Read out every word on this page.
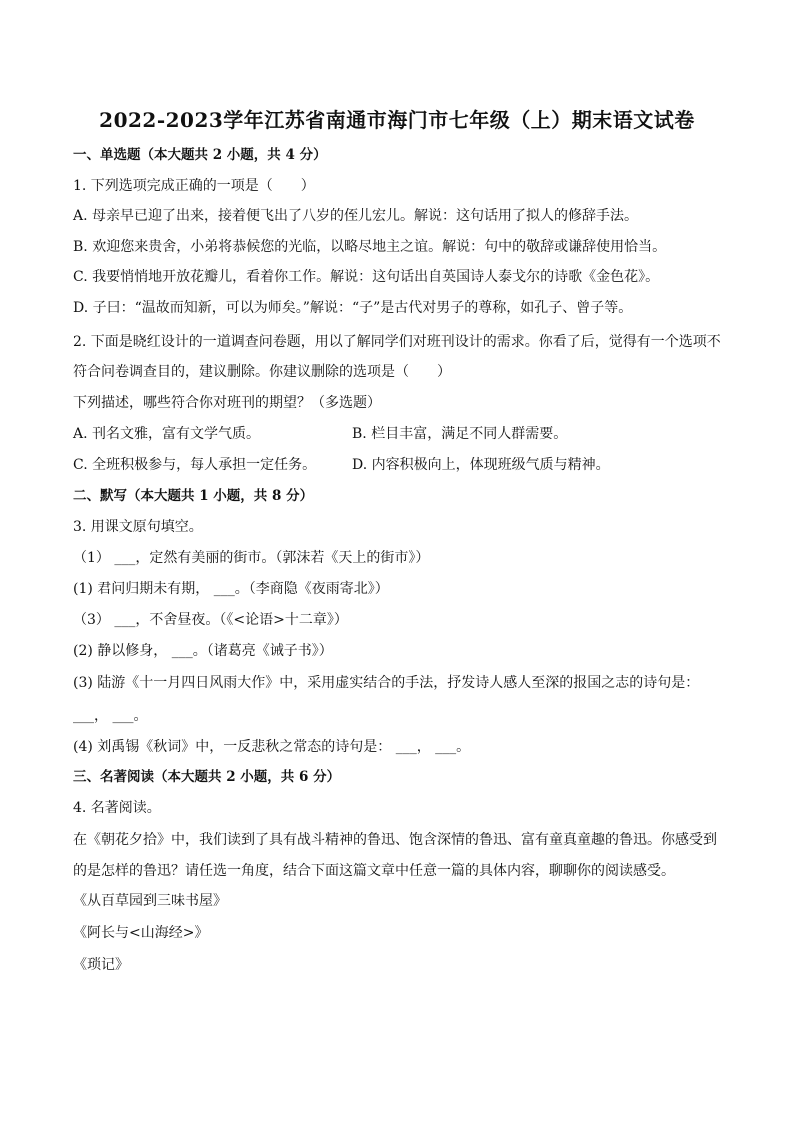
2022-2023学年江苏省南通市海门市七年级（上）期末语文试卷
一、单选题（本大题共 2 小题，共 4 分）
1. 下列选项完成正确的一项是（　　）
A. 母亲早已迎了出来，接着便飞出了八岁的侄儿宏儿。解说：这句话用了拟人的修辞手法。
B. 欢迎您来贵舍，小弟将恭候您的光临，以略尽地主之谊。解说：句中的敬辞或谦辞使用恰当。
C. 我要悄悄地开放花瓣儿，看着你工作。解说：这句话出自英国诗人泰戈尔的诗歌《金色花》。
D. 子曰：“温故而知新，可以为师矣。”解说：“子”是古代对男子的尊称，如孔子、曾子等。
2. 下面是晓红设计的一道调查问卷题，用以了解同学们对班刊设计的需求。你看了后，觉得有一个选项不
符合问卷调查目的，建议删除。你建议删除的选项是（　　）
下列描述，哪些符合你对班刊的期望？（多选题）
A. 刊名文雅，富有文学气质。	B. 栏目丰富，满足不同人群需要。
C. 全班积极参与，每人承担一定任务。	D. 内容积极向上，体现班级气质与精神。
二、默写（本大题共 1 小题，共 8 分）
3. 用课文原句填空。
（1） ___，定然有美丽的街市。（郭沫若《天上的街市》）
(1) 君问归期未有期， ___。（李商隐《夜雨寄北》）
（3） ___，不舍昼夜。（《<论语>十二章》）
(2) 静以修身， ___。（诸葛亮《诫子书》）
(3) 陆游《十一月四日风雨大作》中，采用虚实结合的手法，抒发诗人感人至深的报国之志的诗句是：
___， ___。
(4) 刘禹锡《秋词》中，一反悲秋之常态的诗句是： ___， ___。
三、名著阅读（本大题共 2 小题，共 6 分）
4. 名著阅读。
在《朝花夕拾》中，我们读到了具有战斗精神的鲁迅、饱含深情的鲁迅、富有童真童趣的鲁迅。你感受到
的是怎样的鲁迅？请任选一角度，结合下面这篇文章中任意一篇的具体内容，聊聊你的阅读感受。
《从百草园到三味书屋》
《阿长与<山海经>》
《琐记》
